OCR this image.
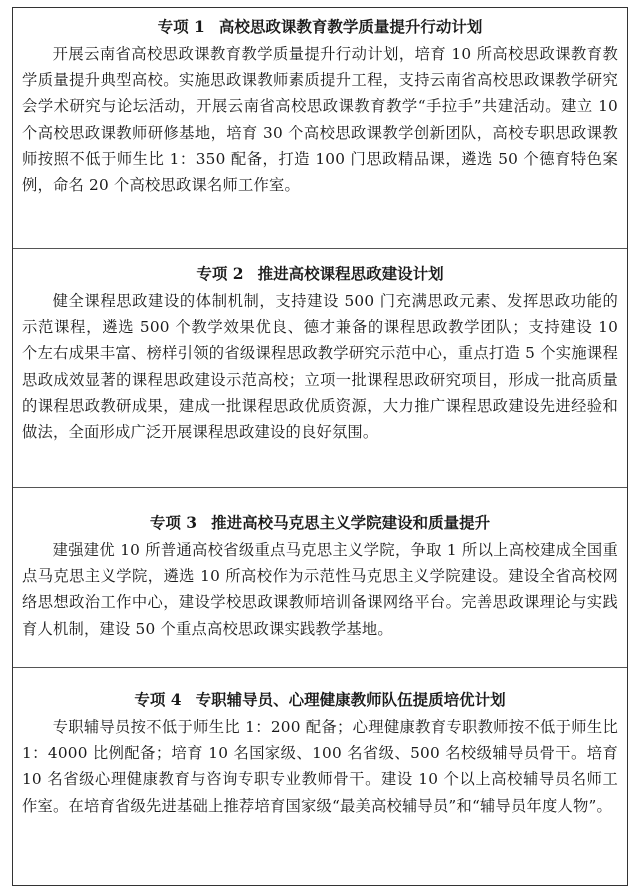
专项 1 高校思政课教育教学质量提升行动计划

开展云南省高校思政课教育教学质量提升行动计划，培育 10 所高校思政课教育教学质量提升典型高校。实施思政课教师素质提升工程，支持云南省高校思政课教学研究会学术研究与论坛活动，开展云南省高校思政课教育教学“手拉手”共建活动。建立 10 个高校思政课教师研修基地，培育 30 个高校思政课教学创新团队，高校专职思政课教师按照不低于师生比 1：350 配备，打造 100 门思政精品课，遴选 50 个德育特色案例，命名 20 个高校思政课名师工作室。

专项 2 推进高校课程思政建设计划

健全课程思政建设的体制机制，支持建设 500 门充满思政元素、发挥思政功能的示范课程，遴选 500 个教学效果优良、德才兼备的课程思政教学团队；支持建设 10 个左右成果丰富、榜样引领的省级课程思政教学研究示范中心，重点打造 5 个实施课程思政成效显著的课程思政建设示范高校；立项一批课程思政研究项目，形成一批高质量的课程思政教研成果，建成一批课程思政优质资源，大力推广课程思政建设先进经验和做法，全面形成广泛开展课程思政建设的良好氛围。

专项 3 推进高校马克思主义学院建设和质量提升

建强建优 10 所普通高校省级重点马克思主义学院，争取 1 所以上高校建成全国重点马克思主义学院，遴选 10 所高校作为示范性马克思主义学院建设。建设全省高校网络思想政治工作中心，建设学校思政课教师培训备课网络平台。完善思政课理论与实践育人机制，建设 50 个重点高校思政课实践教学基地。

专项 4 专职辅导员、心理健康教师队伍提质培优计划

专职辅导员按不低于师生比 1：200 配备；心理健康教育专职教师按不低于师生比 1：4000 比例配备；培育 10 名国家级、100 名省级、500 名校级辅导员骨干。培育 10 名省级心理健康教育与咨询专职专业教师骨干。建设 10 个以上高校辅导员名师工作室。在培育省级先进基础上推荐培育国家级“最美高校辅导员”和“辅导员年度人物”。
